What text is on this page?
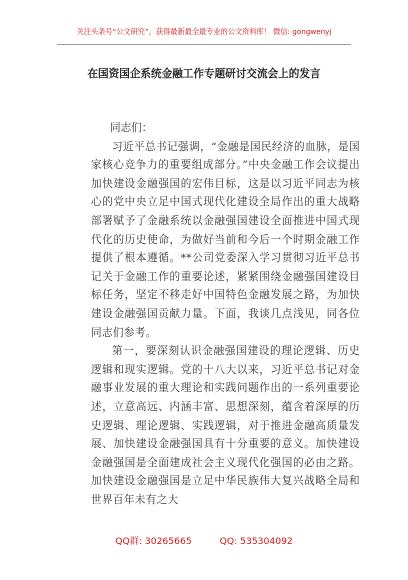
关注头条号“公文研究”，获得最新最全最专业的公文资料库！ 微信: gongwenyj
在国资国企系统金融工作专题研讨交流会上的发言

同志们：

习近平总书记强调，“金融是国民经济的血脉，是国家核心竞争力的重要组成部分。”中央金融工作会议提出加快建设金融强国的宏伟目标，这是以习近平同志为核心的党中央立足中国式现代化建设全局作出的重大战略部署赋予了金融系统以金融强国建设全面推进中国式现代化的历史使命，为做好当前和今后一个时期金融工作提供了根本遵循。**公司党委深入学习贯彻习近平总书记关于金融工作的重要论述，紧紧围绕金融强国建设目标任务，坚定不移走好中国特色金融发展之路，为加快建设金融强国贡献力量。下面，我谈几点浅见，同各位同志们参考。

第一，要深刻认识金融强国建设的理论逻辑、历史逻辑和现实逻辑。党的十八大以来，习近平总书记对金融事业发展的重大理论和实践问题作出的一系列重要论述，立意高远、内涵丰富、思想深刻，蕴含着深厚的历史逻辑、理论逻辑、实践逻辑，对于推进金融高质量发展、加快建设金融强国具有十分重要的意义。加快建设金融强国是全面建成社会主义现代化强国的必由之路。加快建设金融强国是立足中华民族伟大复兴战略全局和世界百年未有之大

QQ群: 30265665	QQ: 535304092
